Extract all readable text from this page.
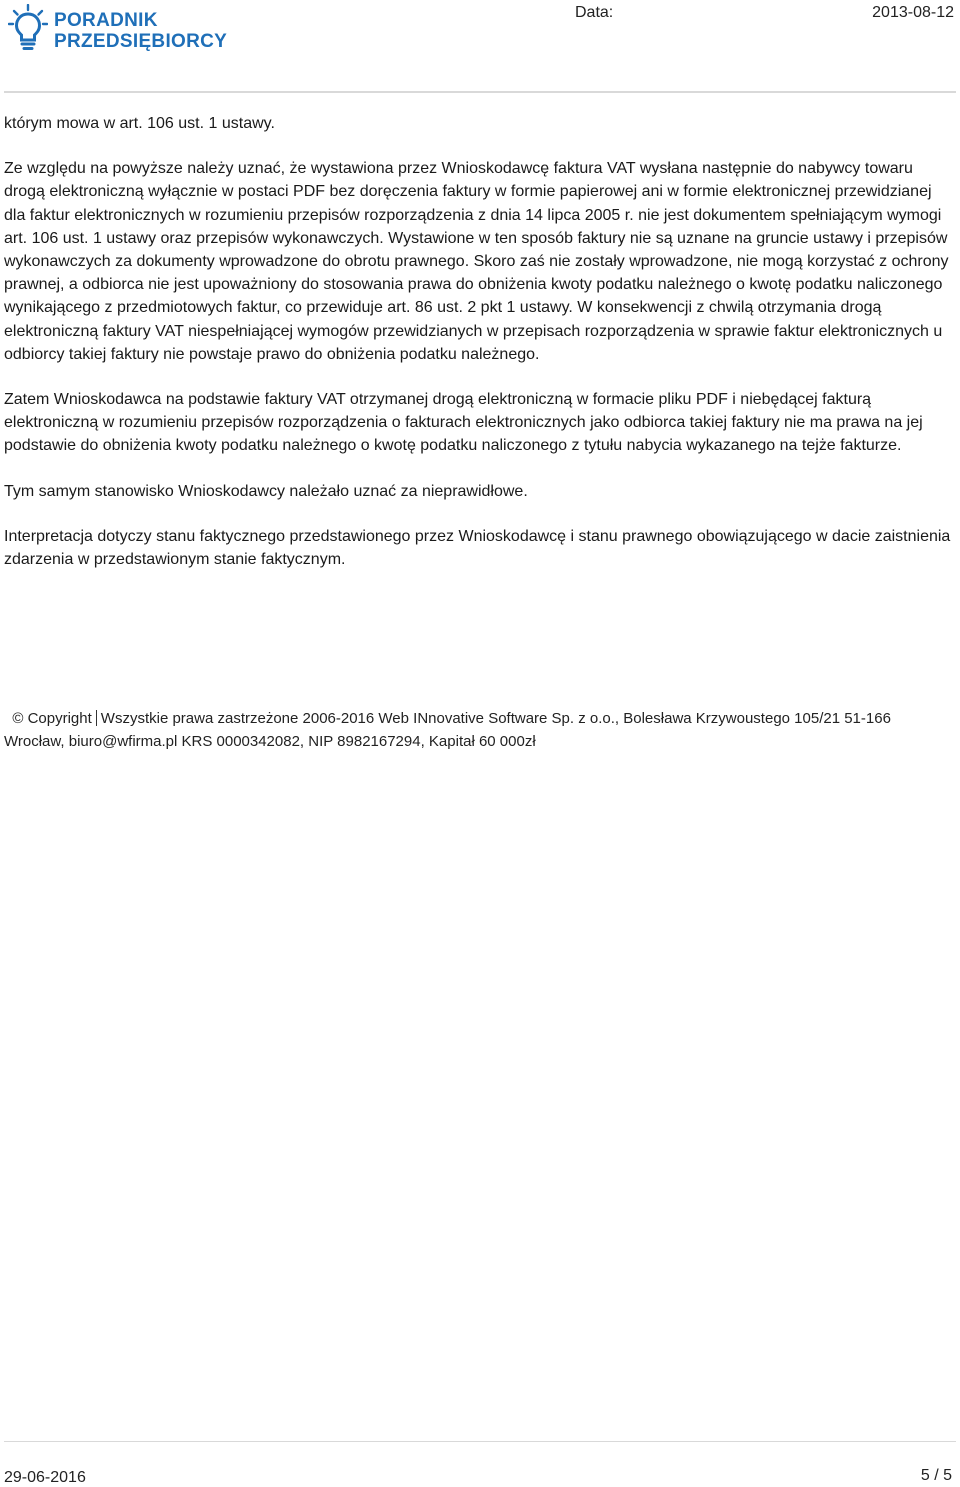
PORADNIK
PRZEDSIĘBIORCY
Data:	2013-08-12

którym mowa w art. 106 ust. 1 ustawy.

Ze względu na powyższe należy uznać, że wystawiona przez Wnioskodawcę faktura VAT wysłana następnie do nabywcy towaru drogą elektroniczną wyłącznie w postaci PDF bez doręczenia faktury w formie papierowej ani w formie elektronicznej przewidzianej dla faktur elektronicznych w rozumieniu przepisów rozporządzenia z dnia 14 lipca 2005 r. nie jest dokumentem spełniającym wymogi art. 106 ust. 1 ustawy oraz przepisów wykonawczych. Wystawione w ten sposób faktury nie są uznane na gruncie ustawy i przepisów wykonawczych za dokumenty wprowadzone do obrotu prawnego. Skoro zaś nie zostały wprowadzone, nie mogą korzystać z ochrony prawnej, a odbiorca nie jest upoważniony do stosowania prawa do obniżenia kwoty podatku należnego o kwotę podatku naliczonego wynikającego z przedmiotowych faktur, co przewiduje art. 86 ust. 2 pkt 1 ustawy. W konsekwencji z chwilą otrzymania drogą elektroniczną faktury VAT niespełniającej wymogów przewidzianych w przepisach rozporządzenia w sprawie faktur elektronicznych u odbiorcy takiej faktury nie powstaje prawo do obniżenia podatku należnego.

Zatem Wnioskodawca na podstawie faktury VAT otrzymanej drogą elektroniczną w formacie pliku PDF i niebędącej fakturą elektroniczną w rozumieniu przepisów rozporządzenia o fakturach elektronicznych jako odbiorca takiej faktury nie ma prawa na jej podstawie do obniżenia kwoty podatku należnego o kwotę podatku naliczonego z tytułu nabycia wykazanego na tejże fakturze.

Tym samym stanowisko Wnioskodawcy należało uznać za nieprawidłowe.

Interpretacja dotyczy stanu faktycznego przedstawionego przez Wnioskodawcę i stanu prawnego obowiązującego w dacie zaistnienia zdarzenia w przedstawionym stanie faktycznym.

© Copyright Wszystkie prawa zastrzeżone 2006-2016 Web INnovative Software Sp. z o.o., Bolesława Krzywoustego 105/21 51-166 Wrocław, biuro@wfirma.pl KRS 0000342082, NIP 8982167294, Kapitał 60 000zł
29-06-2016	5 / 5
